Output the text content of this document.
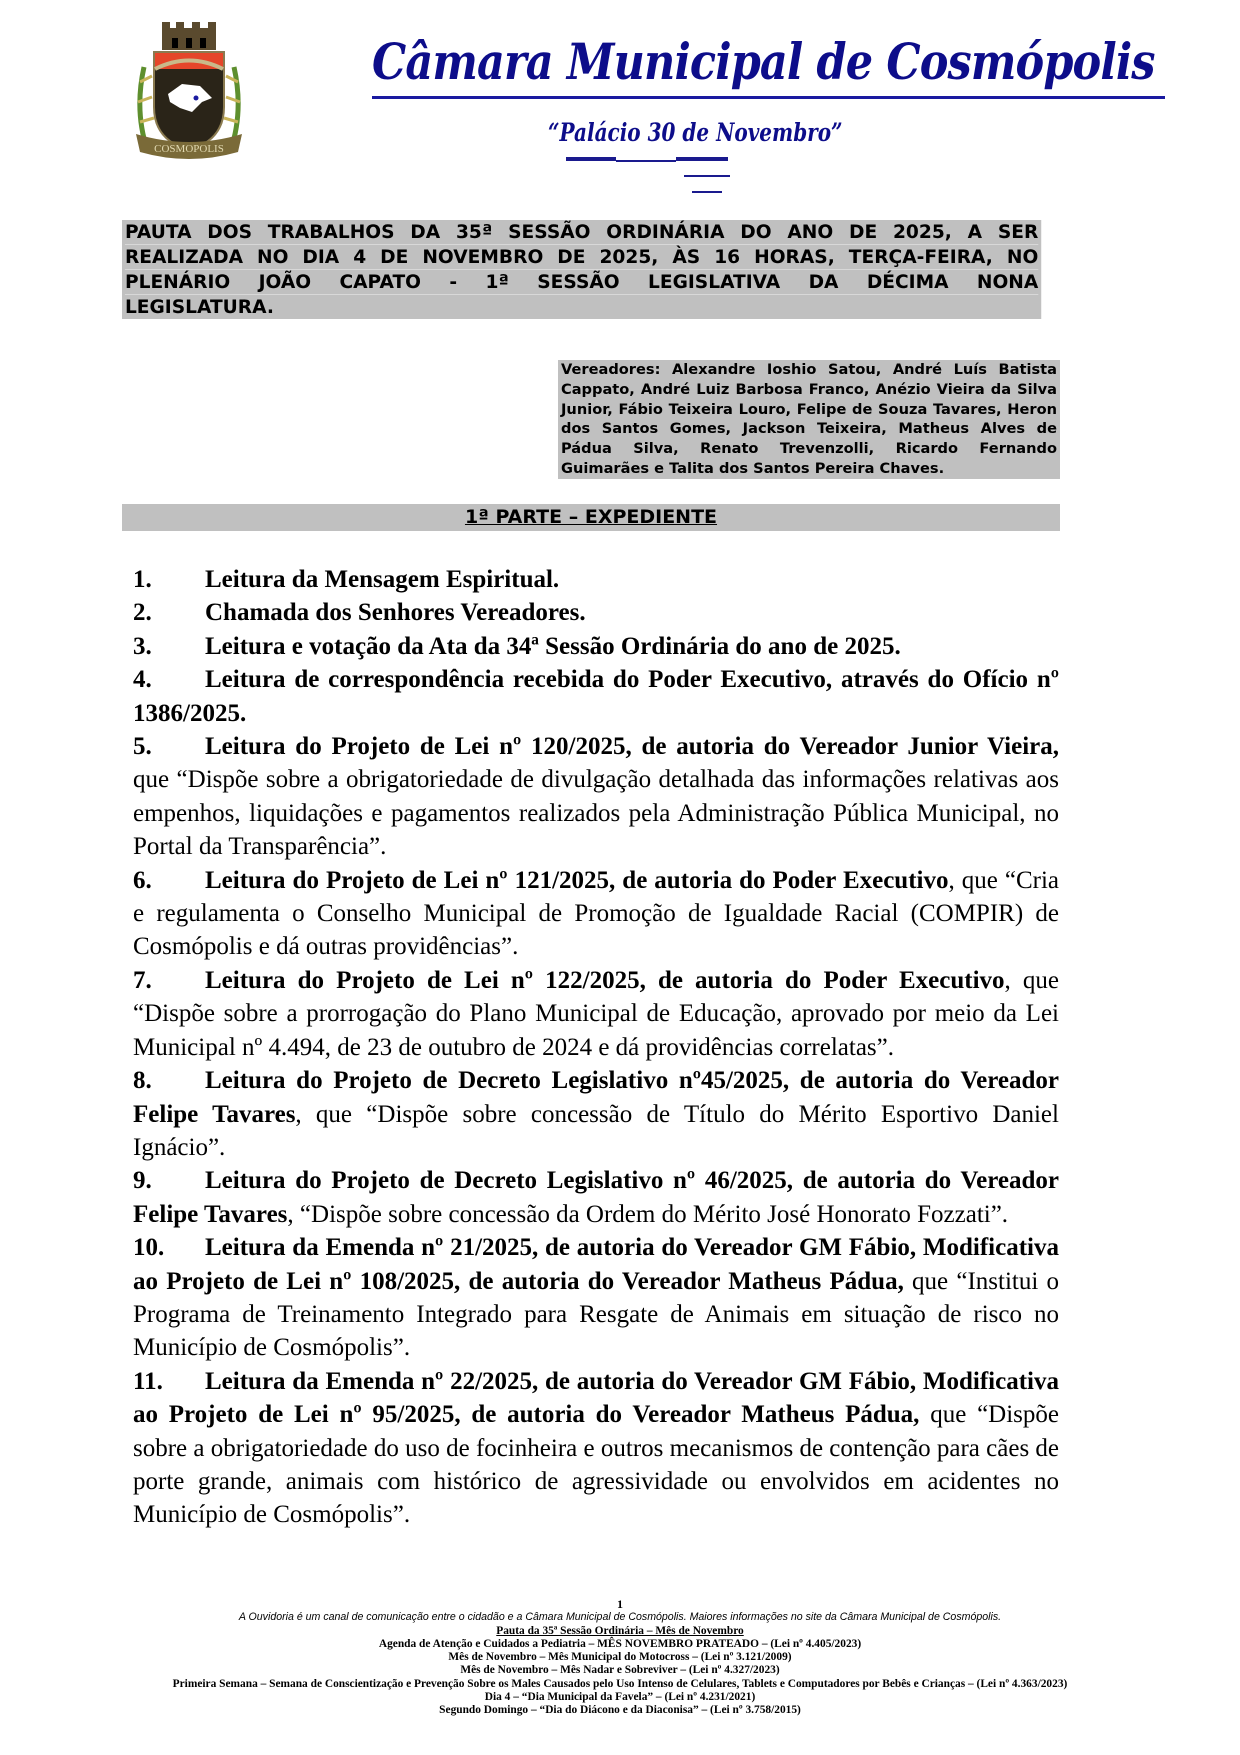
COSMOPOLIS
Câmara Municipal de Cosmópolis
“Palácio 30 de Novembro”
PAUTA DOS TRABALHOS DA 35ª SESSÃO ORDINÁRIA DO ANO DE 2025, A SER
REALIZADA NO DIA 4 DE NOVEMBRO DE 2025, ÀS 16 HORAS, TERÇA-FEIRA, NO
PLENÁRIO JOÃO CAPATO - 1ª SESSÃO LEGISLATIVA DA DÉCIMA NONA
LEGISLATURA.
Vereadores: Alexandre Ioshio Satou, André Luís Batista Cappato, André Luiz Barbosa Franco, Anézio Vieira da Silva Junior, Fábio Teixeira Louro, Felipe de Souza Tavares, Heron dos Santos Gomes, Jackson Teixeira, Matheus Alves de Pádua Silva, Renato Trevenzolli, Ricardo Fernando Guimarães e Talita dos Santos Pereira Chaves.
1ª PARTE – EXPEDIENTE

1. Leitura da Mensagem Espiritual.

2. Chamada dos Senhores Vereadores.

3. Leitura e votação da Ata da 34ª Sessão Ordinária do ano de 2025.

4. Leitura de correspondência recebida do Poder Executivo, através do Ofício nº 1386/2025.

5. Leitura do Projeto de Lei nº 120/2025, de autoria do Vereador Junior Vieira, que “Dispõe sobre a obrigatoriedade de divulgação detalhada das informações relativas aos empenhos, liquidações e pagamentos realizados pela Administração Pública Municipal, no Portal da Transparência”.

6. Leitura do Projeto de Lei nº 121/2025, de autoria do Poder Executivo, que “Cria e regulamenta o Conselho Municipal de Promoção de Igualdade Racial (COMPIR) de Cosmópolis e dá outras providências”.

7. Leitura do Projeto de Lei nº 122/2025, de autoria do Poder Executivo, que “Dispõe sobre a prorrogação do Plano Municipal de Educação, aprovado por meio da Lei Municipal nº 4.494, de 23 de outubro de 2024 e dá providências correlatas”.

8. Leitura do Projeto de Decreto Legislativo nº45/2025, de autoria do Vereador Felipe Tavares, que “Dispõe sobre concessão de Título do Mérito Esportivo Daniel Ignácio”.

9. Leitura do Projeto de Decreto Legislativo nº 46/2025, de autoria do Vereador Felipe Tavares, “Dispõe sobre concessão da Ordem do Mérito José Honorato Fozzati”.

10. Leitura da Emenda nº 21/2025, de autoria do Vereador GM Fábio, Modificativa ao Projeto de Lei nº 108/2025, de autoria do Vereador Matheus Pádua, que “Institui o Programa de Treinamento Integrado para Resgate de Animais em situação de risco no Município de Cosmópolis”.

11. Leitura da Emenda nº 22/2025, de autoria do Vereador GM Fábio, Modificativa ao Projeto de Lei nº 95/2025, de autoria do Vereador Matheus Pádua, que “Dispõe sobre a obrigatoriedade do uso de focinheira e outros mecanismos de contenção para cães de porte grande, animais com histórico de agressividade ou envolvidos em acidentes no Município de Cosmópolis”.

1
A Ouvidoria é um canal de comunicação entre o cidadão e a Câmara Municipal de Cosmópolis. Maiores informações no site da Câmara Municipal de Cosmópolis.
Pauta da 35ª Sessão Ordinária – Mês de Novembro
Agenda de Atenção e Cuidados a Pediatria – MÊS NOVEMBRO PRATEADO – (Lei nº 4.405/2023)
Mês de Novembro – Mês Municipal do Motocross – (Lei nº 3.121/2009)
Mês de Novembro – Mês Nadar e Sobreviver – (Lei nº 4.327/2023)
Primeira Semana – Semana de Conscientização e Prevenção Sobre os Males Causados pelo Uso Intenso de Celulares, Tablets e Computadores por Bebês e Crianças – (Lei nº 4.363/2023)
Dia 4 – “Dia Municipal da Favela” – (Lei nº 4.231/2021)
Segundo Domingo – “Dia do Diácono e da Diaconisa” – (Lei nº 3.758/2015)
